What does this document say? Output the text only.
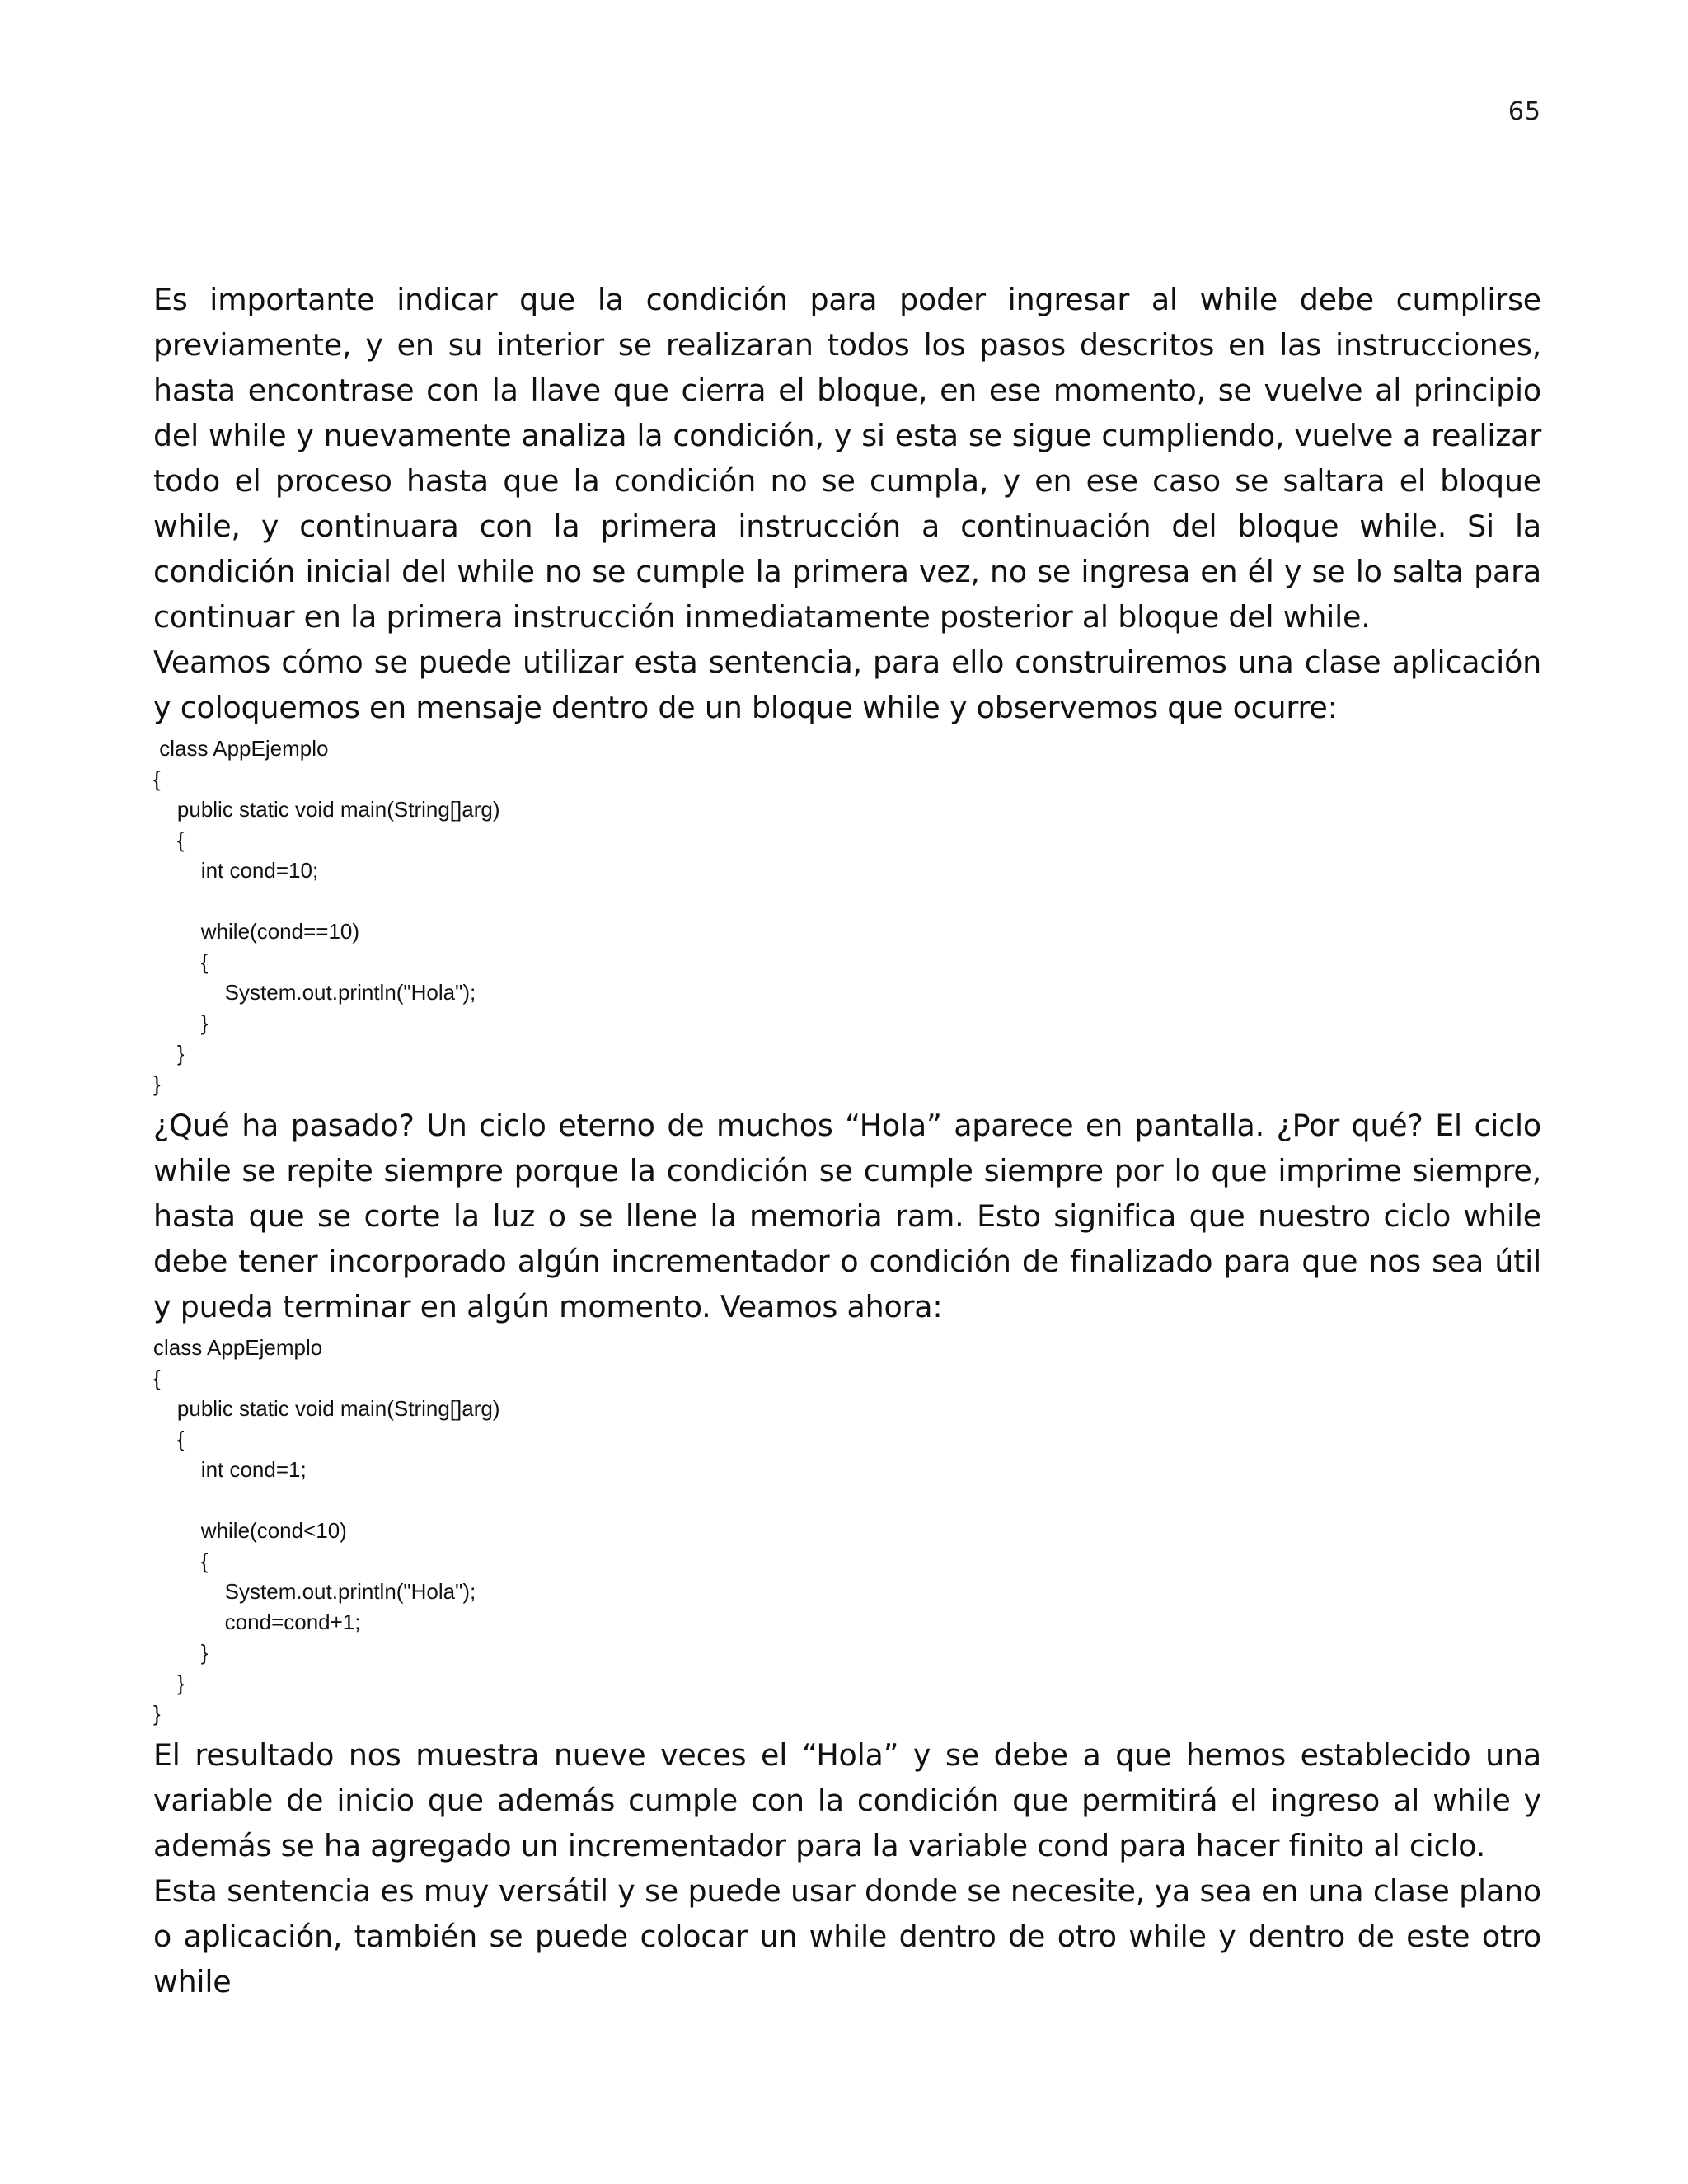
65

Es importante indicar que la condición para poder ingresar al while debe cumplirse previamente, y en su interior se realizaran todos los pasos descritos en las instrucciones, hasta encontrase con la llave que cierra el bloque, en ese momento, se vuelve al principio del while y nuevamente analiza la condición, y si esta se sigue cumpliendo, vuelve a realizar todo el proceso hasta que la condición no se cumpla, y en ese caso se saltara el bloque while, y continuara con la primera instrucción a continuación del bloque while. Si la condición inicial del while no se cumple la primera vez, no se ingresa en él y se lo salta para continuar en la primera instrucción inmediatamente posterior al bloque del while.

Veamos cómo se puede utilizar esta sentencia, para ello construiremos una clase aplicación y coloquemos en mensaje dentro de un bloque while y observemos que ocurre:

class AppEjemplo
{
public static void main(String[]arg)
{
int cond=10;
while(cond==10)
{
System.out.println("Hola");
}
}
}

¿Qué ha pasado? Un ciclo eterno de muchos “Hola” aparece en pantalla. ¿Por qué? El ciclo while se repite siempre porque la condición se cumple siempre por lo que imprime siempre, hasta que se corte la luz o se llene la memoria ram. Esto significa que nuestro ciclo while debe tener incorporado algún incrementador o condición de finalizado para que nos sea útil y pueda terminar en algún momento. Veamos ahora:

class AppEjemplo
{
public static void main(String[]arg)
{
int cond=1;
while(cond<10)
{
System.out.println("Hola");
cond=cond+1;
}
}
}

El resultado nos muestra nueve veces el “Hola” y se debe a que hemos establecido una variable de inicio que además cumple con la condición que permitirá el ingreso al while y además se ha agregado un incrementador para la variable cond para hacer finito al ciclo.

Esta sentencia es muy versátil y se puede usar donde se necesite, ya sea en una clase plano o aplicación, también se puede colocar un while dentro de otro while y dentro de este otro while
